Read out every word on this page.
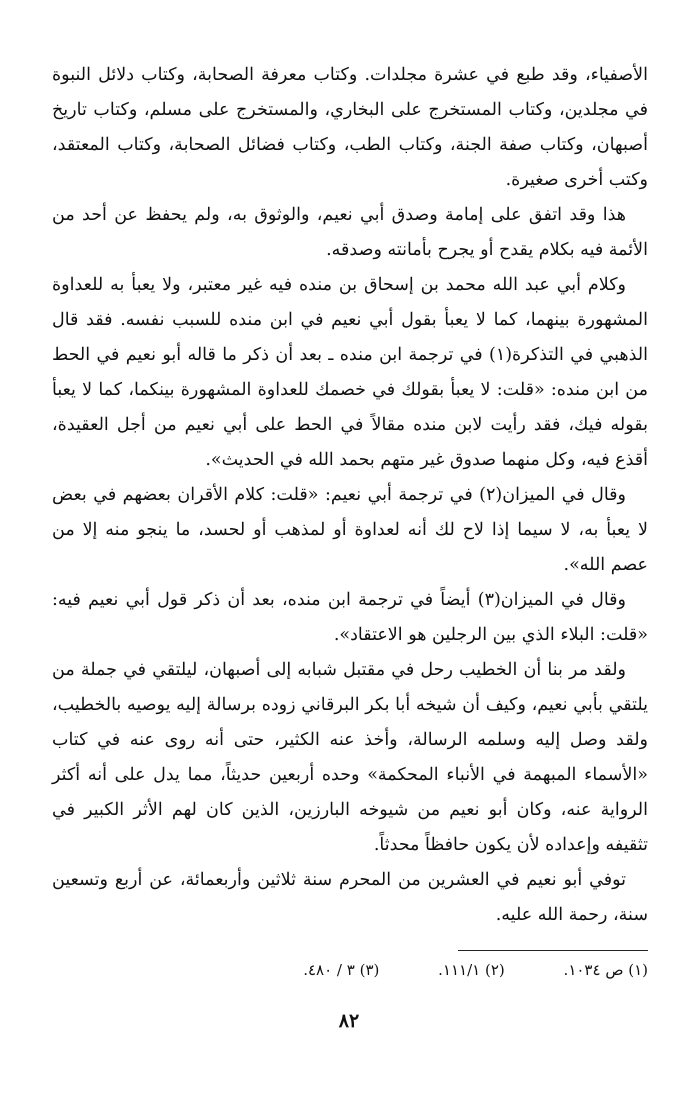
الأصفياء، وقد طبع في عشرة مجلدات. وكتاب معرفة الصحابة، وكتاب دلائل النبوة في مجلدين، وكتاب المستخرج على البخاري، والمستخرج على مسلم، وكتاب تاريخ أصبهان، وكتاب صفة الجنة، وكتاب الطب، وكتاب فضائل الصحابة، وكتاب المعتقد، وكتب أخرى صغيرة.

هذا وقد اتفق على إمامة وصدق أبي نعيم، والوثوق به، ولم يحفظ عن أحد من الأئمة فيه بكلام يقدح أو يجرح بأمانته وصدقه.

وكلام أبي عبد الله محمد بن إسحاق بن منده فيه غير معتبر، ولا يعبأ به للعداوة المشهورة بينهما، كما لا يعبأ بقول أبي نعيم في ابن منده للسبب نفسه. فقد قال الذهبي في التذكرة(١) في ترجمة ابن منده ـ بعد أن ذكر ما قاله أبو نعيم في الحط من ابن منده: «قلت: لا يعبأ بقولك في خصمك للعداوة المشهورة بينكما، كما لا يعبأ بقوله فيك، فقد رأيت لابن منده مقالاً في الحط على أبي نعيم من أجل العقيدة، أقذع فيه، وكل منهما صدوق غير متهم بحمد الله في الحديث».

وقال في الميزان(٢) في ترجمة أبي نعيم: «قلت: كلام الأقران بعضهم في بعض لا يعبأ به، لا سيما إذا لاح لك أنه لعداوة أو لمذهب أو لحسد، ما ينجو منه إلا من عصم الله».

وقال في الميزان(٣) أيضاً في ترجمة ابن منده، بعد أن ذكر قول أبي نعيم فيه: «قلت: البلاء الذي بين الرجلين هو الاعتقاد».

ولقد مر بنا أن الخطيب رحل في مقتبل شبابه إلى أصبهان، ليلتقي في جملة من يلتقي بأبي نعيم، وكيف أن شيخه أبا بكر البرقاني زوده برسالة إليه يوصيه بالخطيب، ولقد وصل إليه وسلمه الرسالة، وأخذ عنه الكثير، حتى أنه روى عنه في كتاب «الأسماء المبهمة في الأنباء المحكمة» وحده أربعين حديثاً، مما يدل على أنه أكثر الرواية عنه، وكان أبو نعيم من شيوخه البارزين، الذين كان لهم الأثر الكبير في تثقيفه وإعداده لأن يكون حافظاً محدثاً.

توفي أبو نعيم في العشرين من المحرم سنة ثلاثين وأربعمائة، عن أربع وتسعين سنة، رحمة الله عليه.

(١) ص ١٠٣٤. (٢) ١١١/١. (٣) ٣ / ٤٨٠.
٨٢
